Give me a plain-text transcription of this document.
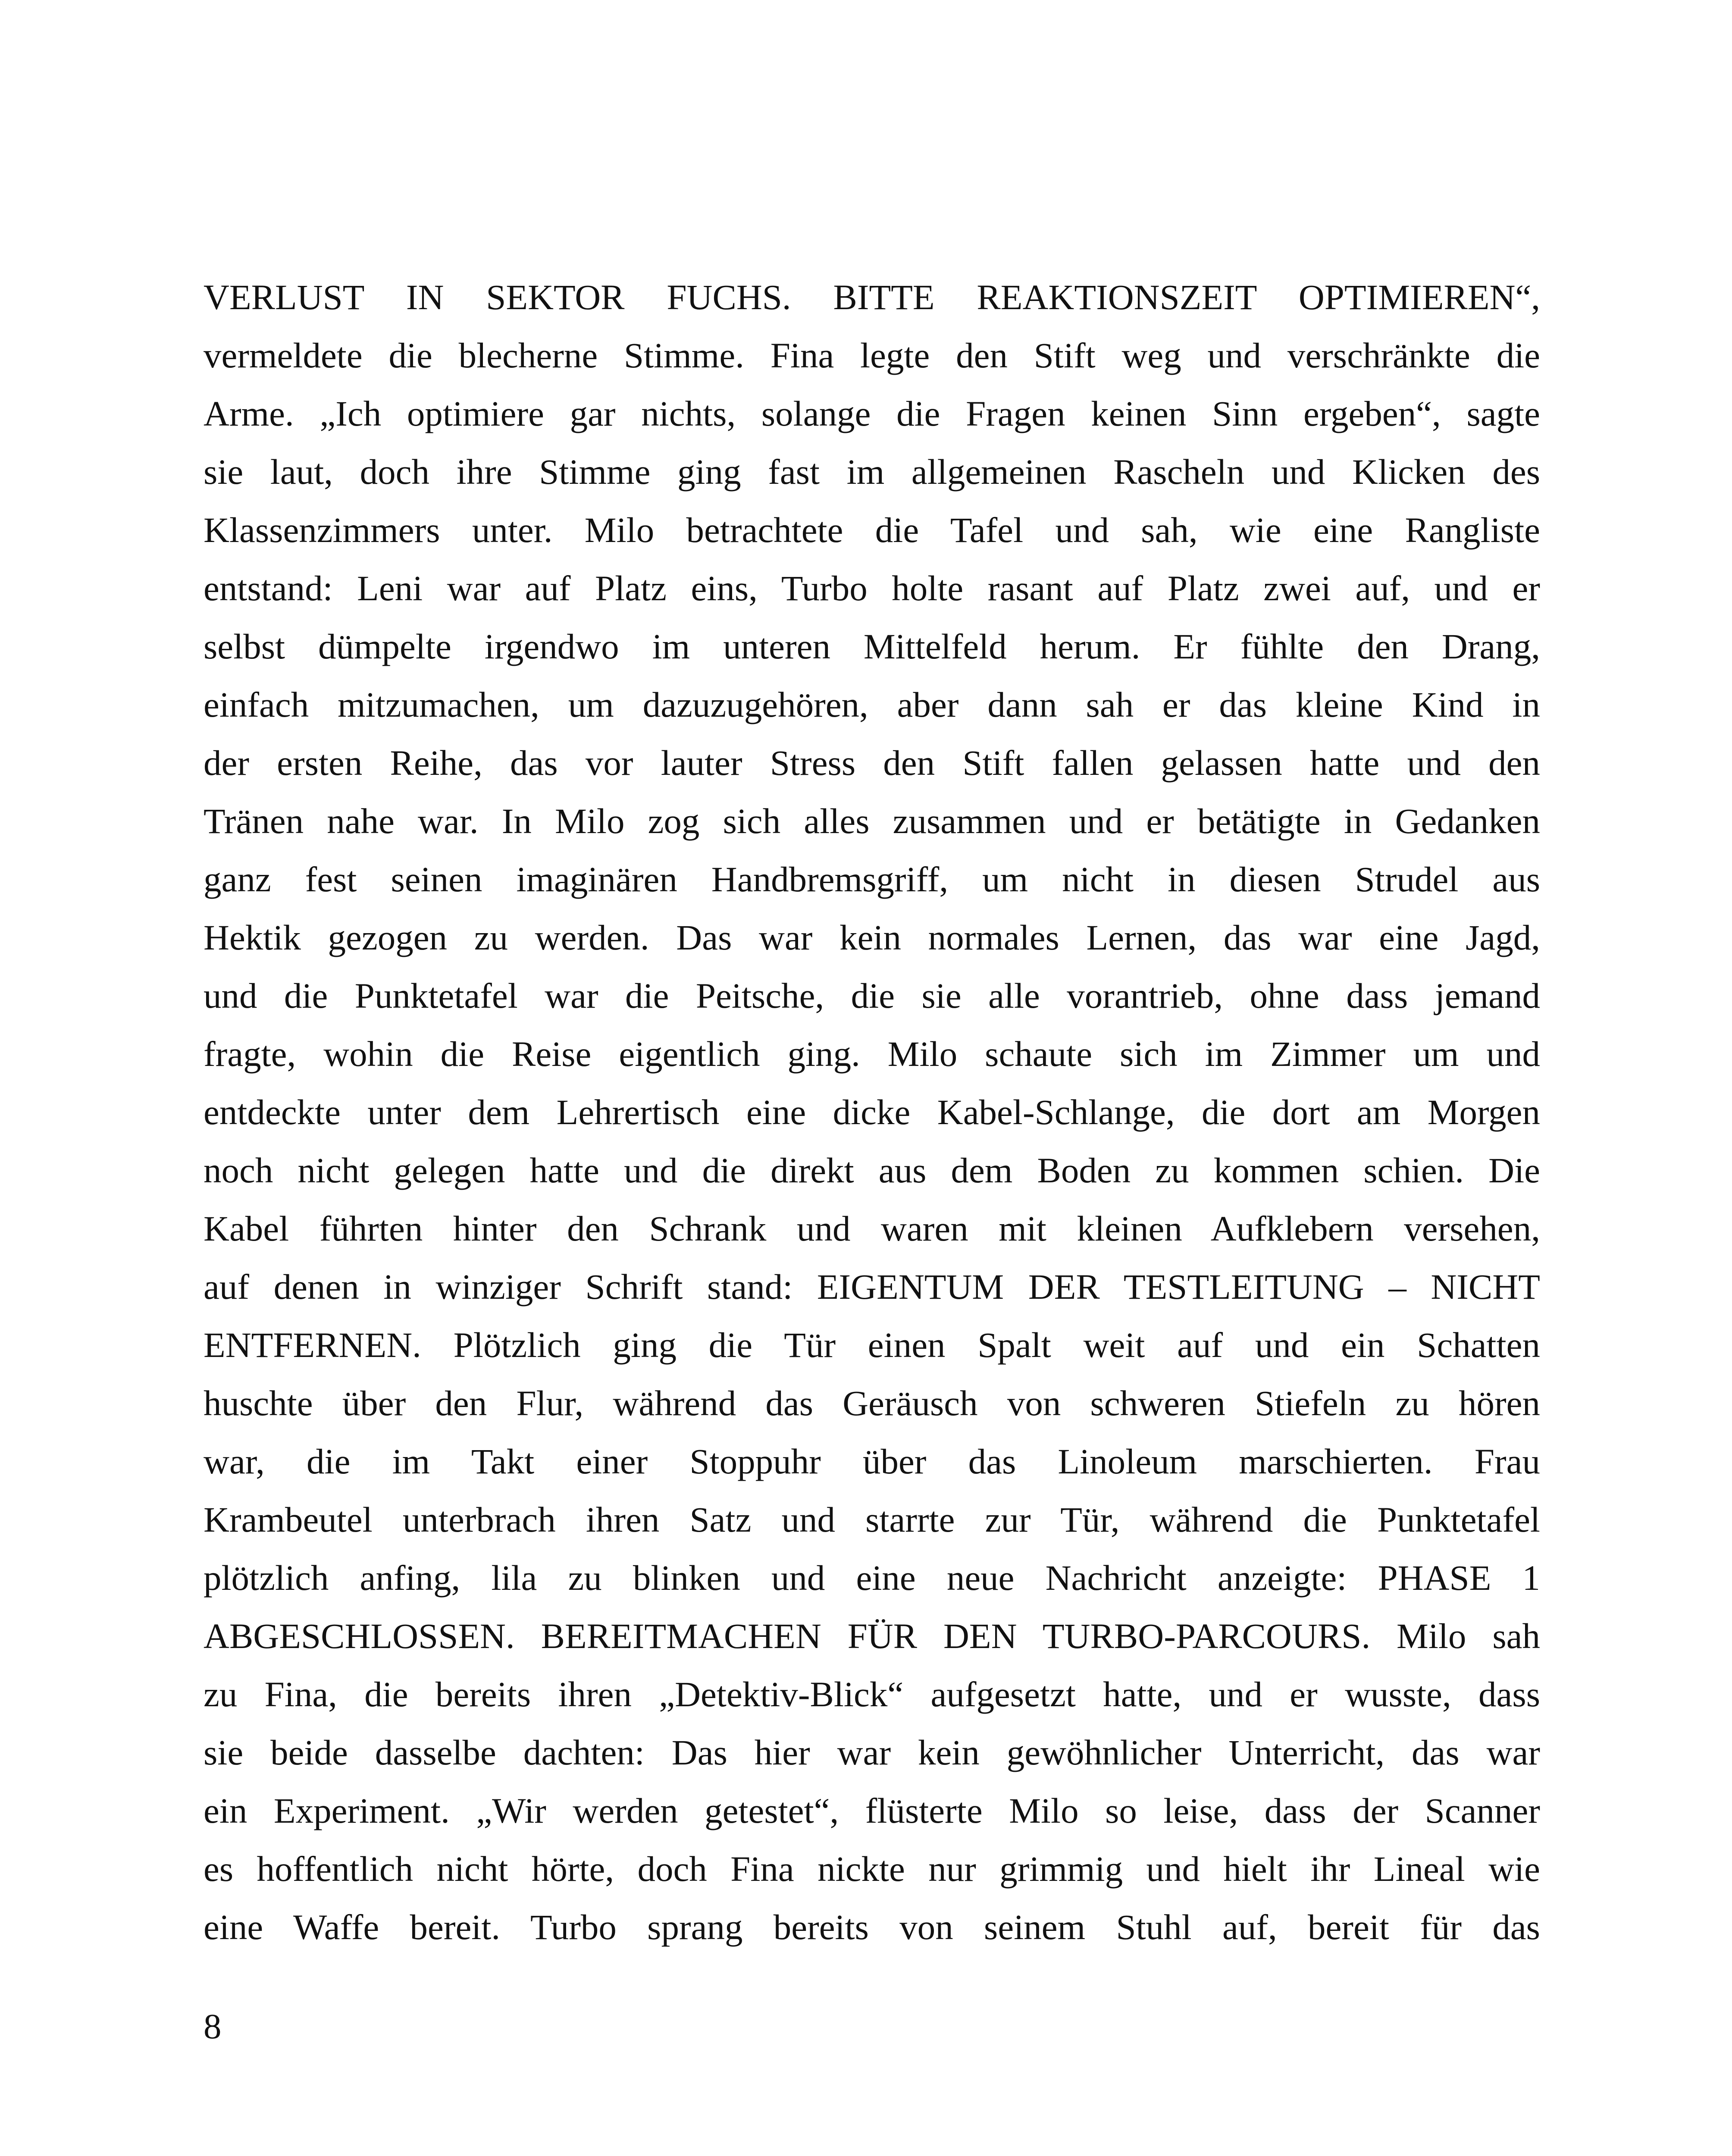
VERLUST IN SEKTOR FUCHS. BITTE REAKTIONSZEIT OPTIMIEREN“,
vermeldete die blecherne Stimme. Fina legte den Stift weg und verschränkte die
Arme. „Ich optimiere gar nichts, solange die Fragen keinen Sinn ergeben“, sagte
sie laut, doch ihre Stimme ging fast im allgemeinen Rascheln und Klicken des
Klassenzimmers unter. Milo betrachtete die Tafel und sah, wie eine Rangliste
entstand: Leni war auf Platz eins, Turbo holte rasant auf Platz zwei auf, und er
selbst dümpelte irgendwo im unteren Mittelfeld herum. Er fühlte den Drang,
einfach mitzumachen, um dazuzugehören, aber dann sah er das kleine Kind in
der ersten Reihe, das vor lauter Stress den Stift fallen gelassen hatte und den
Tränen nahe war. In Milo zog sich alles zusammen und er betätigte in Gedanken
ganz fest seinen imaginären Handbremsgriff, um nicht in diesen Strudel aus
Hektik gezogen zu werden. Das war kein normales Lernen, das war eine Jagd,
und die Punktetafel war die Peitsche, die sie alle vorantrieb, ohne dass jemand
fragte, wohin die Reise eigentlich ging. Milo schaute sich im Zimmer um und
entdeckte unter dem Lehrertisch eine dicke Kabel-Schlange, die dort am Morgen
noch nicht gelegen hatte und die direkt aus dem Boden zu kommen schien. Die
Kabel führten hinter den Schrank und waren mit kleinen Aufklebern versehen,
auf denen in winziger Schrift stand: EIGENTUM DER TESTLEITUNG – NICHT
ENTFERNEN. Plötzlich ging die Tür einen Spalt weit auf und ein Schatten
huschte über den Flur, während das Geräusch von schweren Stiefeln zu hören
war, die im Takt einer Stoppuhr über das Linoleum marschierten. Frau
Krambeutel unterbrach ihren Satz und starrte zur Tür, während die Punktetafel
plötzlich anfing, lila zu blinken und eine neue Nachricht anzeigte: PHASE 1
ABGESCHLOSSEN. BEREITMACHEN FÜR DEN TURBO-PARCOURS. Milo sah
zu Fina, die bereits ihren „Detektiv-Blick“ aufgesetzt hatte, und er wusste, dass
sie beide dasselbe dachten: Das hier war kein gewöhnlicher Unterricht, das war
ein Experiment. „Wir werden getestet“, flüsterte Milo so leise, dass der Scanner
es hoffentlich nicht hörte, doch Fina nickte nur grimmig und hielt ihr Lineal wie
eine Waffe bereit. Turbo sprang bereits von seinem Stuhl auf, bereit für das
8
